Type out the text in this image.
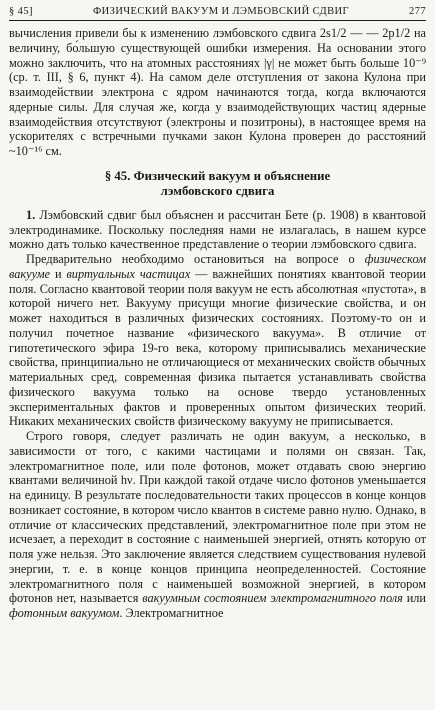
§ 45]	ФИЗИЧЕСКИЙ ВАКУУМ И ЛЭМБОВСКИЙ СДВИГ	277

вычисления привели бы к изменению лэмбовского сдвига 2s1/2 — — 2p1/2 на величину, бо́льшую существующей ошибки измерения. На основании этого можно заключить, что на атомных расстояниях |γ| не может быть больше 10⁻⁹ (ср. т. III, § 6, пункт 4). На самом деле отступления от закона Кулона при взаимодействии электрона с ядром начинаются тогда, когда включаются ядерные силы. Для случая же, когда у взаимодействующих частиц ядерные взаимодействия отсутствуют (электроны и позитроны), в настоящее время на ускорителях с встречными пучками закон Кулона проверен до расстояний ~10⁻¹⁶ см.

§ 45. Физический вакуум и объяснение
лэмбовского сдвига

1. Лэмбовский сдвиг был объяснен и рассчитан Бете (р. 1908) в квантовой электродинамике. Поскольку последняя нами не излагалась, в нашем курсе можно дать только качественное представление о теории лэмбовского сдвига.

Предварительно необходимо остановиться на вопросе о физическом вакууме и виртуальных частицах — важнейших понятиях квантовой теории поля. Согласно квантовой теории поля вакуум не есть абсолютная «пустота», в которой ничего нет. Вакууму присущи многие физические свойства, и он может находиться в различных физических состояниях. Поэтому-то он и получил почетное название «физического вакуума». В отличие от гипотетического эфира 19-го века, которому приписывались механические свойства, принципиально не отличающиеся от механических свойств обычных материальных сред, современная физика пытается устанавливать свойства физического вакуума только на основе твердо установленных экспериментальных фактов и проверенных опытом физических теорий. Никаких механических свойств физическому вакууму не приписывается.

Строго говоря, следует различать не один вакуум, а несколько, в зависимости от того, с какими частицами и полями он связан. Так, электромагнитное поле, или поле фотонов, может отдавать свою энергию квантами величиной hν. При каждой такой отдаче число фотонов уменьшается на единицу. В результате последовательности таких процессов в конце концов возникает состояние, в котором число квантов в системе равно нулю. Однако, в отличие от классических представлений, электромагнитное поле при этом не исчезает, а переходит в состояние с наименьшей энергией, отнять которую от поля уже нельзя. Это заключение является следствием существования нулевой энергии, т. е. в конце концов принципа неопределенностей. Состояние электромагнитного поля с наименьшей возможной энергией, в котором фотонов нет, называется вакуумным состоянием электромагнитного поля или фотонным вакуумом. Электромагнитное
